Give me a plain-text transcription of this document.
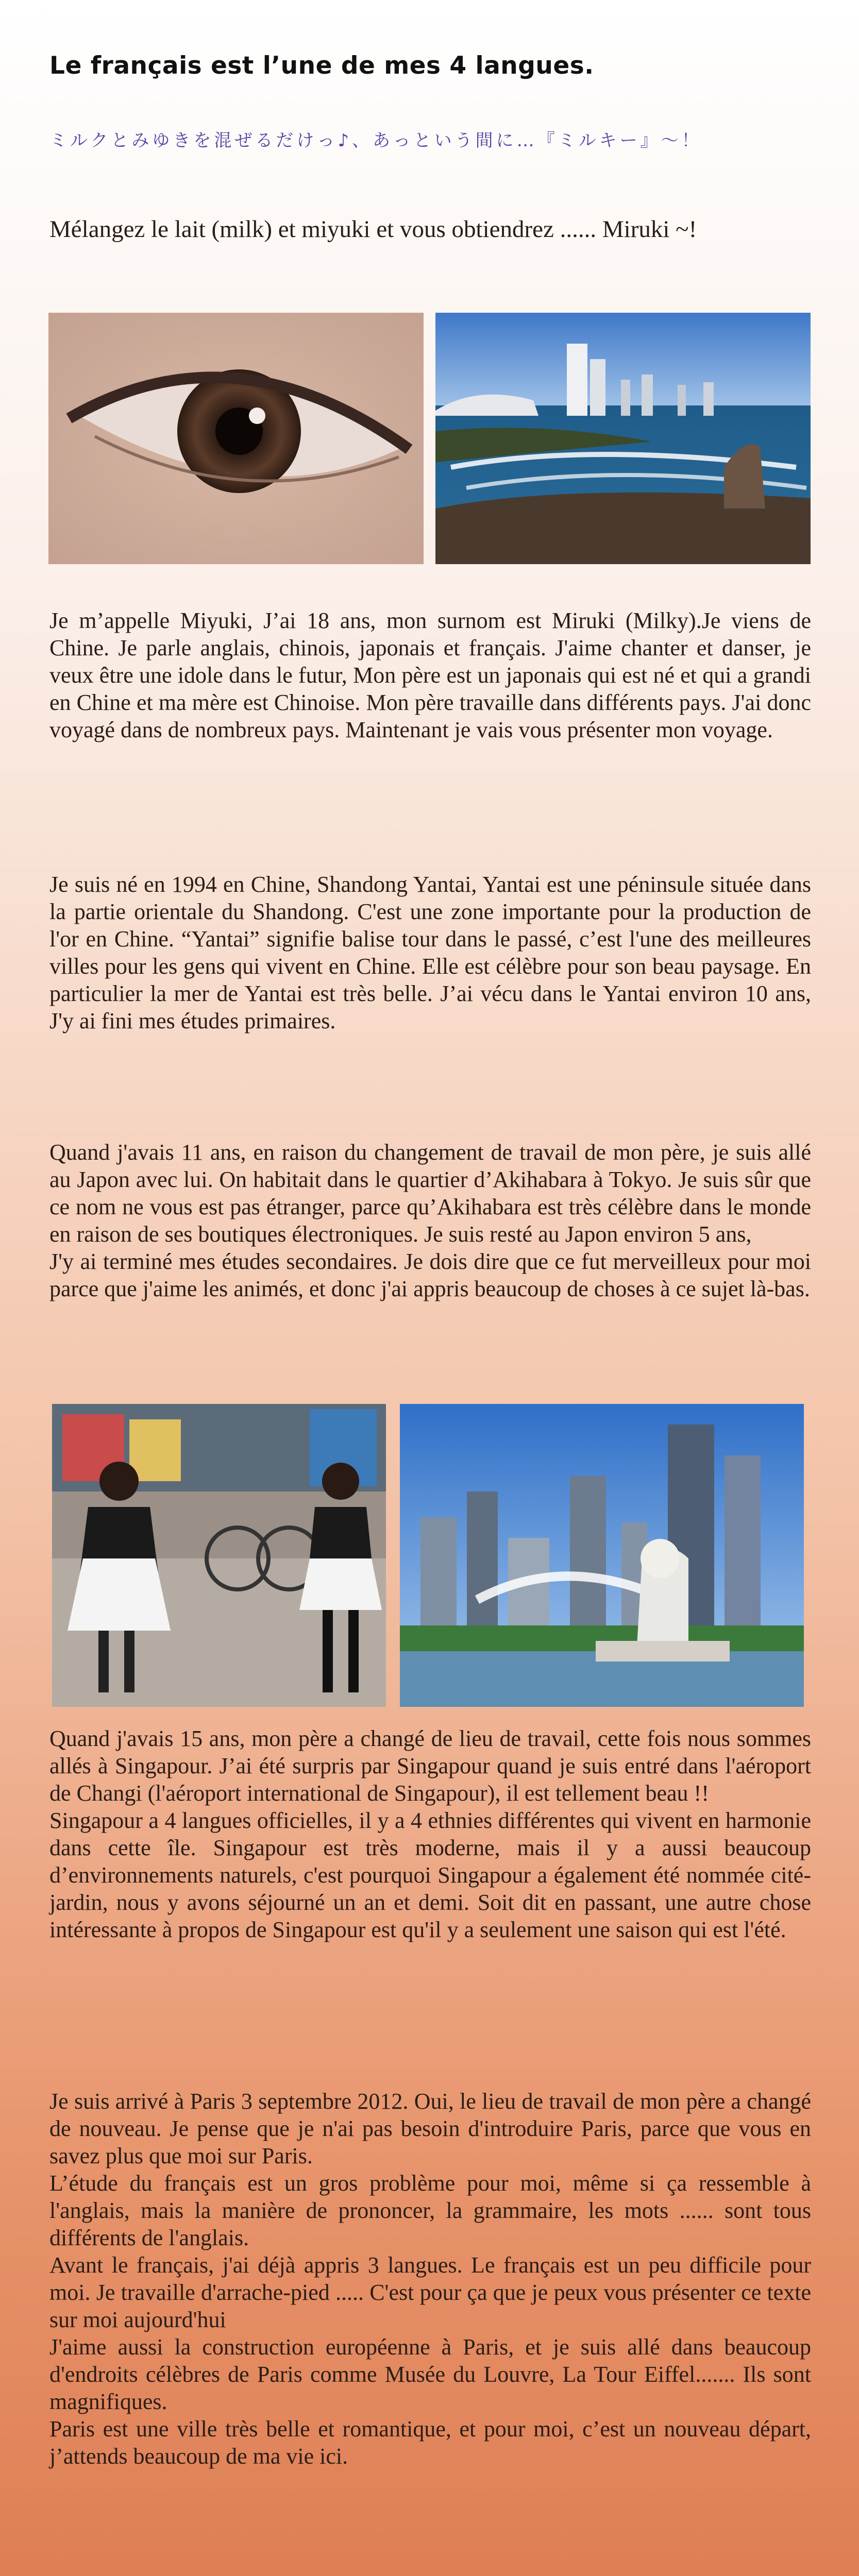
Le français est l’une de mes 4 langues.

ミルクとみゆきを混ぜるだけっ♪、あっという間に…『ミルキー』～！

Mélangez le lait (milk) et miyuki et vous obtiendrez ...... Miruki ~!

Je m’appelle Miyuki, J’ai 18 ans, mon surnom est Miruki (Milky).Je viens de Chine. Je parle anglais, chinois, japonais et français. J'aime chanter et danser, je veux être une idole dans le futur, Mon père est un japonais qui est né et qui a grandi en Chine et ma mère est Chinoise. Mon père travaille dans différents pays. J'ai donc voyagé dans de nombreux pays. Maintenant je vais vous présenter mon voyage.

Je suis né en 1994 en Chine, Shandong Yantai, Yantai est une péninsule située dans la partie orientale du Shandong. C'est une zone importante pour la production de l'or en Chine. “Yantai” signifie balise tour dans le passé, c’est l'une des meilleures villes pour les gens qui vivent en Chine. Elle est célèbre pour son beau paysage. En particulier la mer de Yantai est très belle. J’ai vécu dans le Yantai environ 10 ans, J'y ai fini mes études primaires.

Quand j'avais 11 ans, en raison du changement de travail de mon père, je suis allé au Japon avec lui. On habitait dans le quartier d’Akihabara à Tokyo. Je suis sûr que ce nom ne vous est pas étranger, parce qu’Akihabara est très célèbre dans le monde en raison de ses boutiques électroniques. Je suis resté au Japon environ 5 ans,
J'y ai terminé mes études secondaires. Je dois dire que ce fut merveilleux pour moi parce que j'aime les animés, et donc j'ai appris beaucoup de choses à ce sujet là-bas.

Quand j'avais 15 ans, mon père a changé de lieu de travail, cette fois nous sommes allés à Singapour. J’ai été surpris par Singapour quand je suis entré dans l'aéroport de Changi (l'aéroport international de Singapour), il est tellement beau !!
Singapour a 4 langues officielles, il y a 4 ethnies différentes qui vivent en harmonie dans cette île. Singapour est très moderne, mais il y a aussi beaucoup d’environnements naturels, c'est pourquoi Singapour a également été nommée cité-jardin, nous y avons séjourné un an et demi. Soit dit en passant, une autre chose intéressante à propos de Singapour est qu'il y a seulement une saison qui est l'été.

Je suis arrivé à Paris 3 septembre 2012. Oui, le lieu de travail de mon père a changé de nouveau. Je pense que je n'ai pas besoin d'introduire Paris, parce que vous en savez plus que moi sur Paris.
L’étude du français est un gros problème pour moi, même si ça ressemble à l'anglais, mais la manière de prononcer, la grammaire, les mots ...... sont tous différents de l'anglais.
Avant le français, j'ai déjà appris 3 langues. Le français est un peu difficile pour moi. Je travaille d'arrache-pied ..... C'est pour ça que je peux vous présenter ce texte sur moi aujourd'hui
J'aime aussi la construction européenne à Paris, et je suis allé dans beaucoup d'endroits célèbres de Paris comme Musée du Louvre, La Tour Eiffel....... Ils sont magnifiques.
Paris est une ville très belle et romantique, et pour moi, c’est un nouveau départ, j’attends beaucoup de ma vie ici.
